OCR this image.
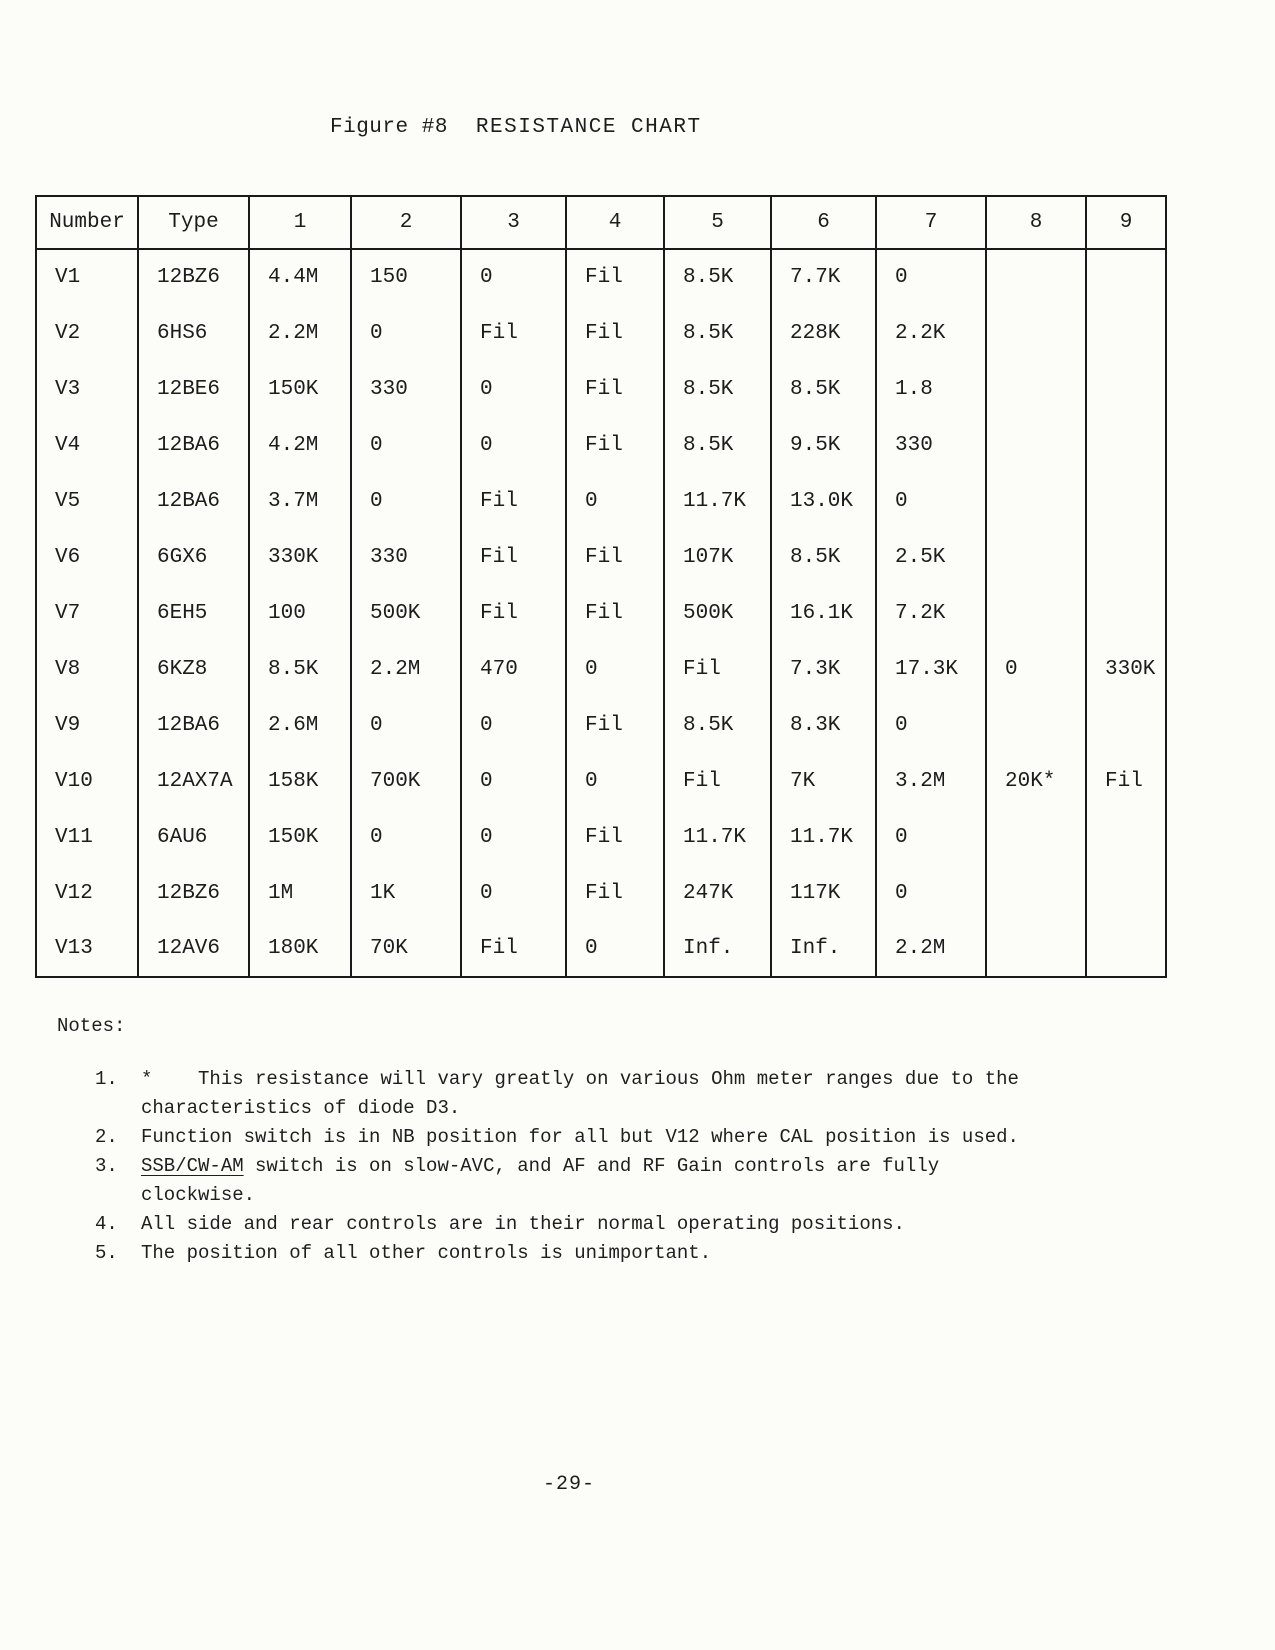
Figure #8 RESISTANCE CHART
Number	Type	1	2	3	4	5	6	7	8	9
V1	12BZ6	4.4M	150	0	Fil	8.5K	7.7K	0		
V2	6HS6	2.2M	0	Fil	Fil	8.5K	228K	2.2K		
V3	12BE6	150K	330	0	Fil	8.5K	8.5K	1.8		
V4	12BA6	4.2M	0	0	Fil	8.5K	9.5K	330		
V5	12BA6	3.7M	0	Fil	0	11.7K	13.0K	0		
V6	6GX6	330K	330	Fil	Fil	107K	8.5K	2.5K		
V7	6EH5	100	500K	Fil	Fil	500K	16.1K	7.2K		
V8	6KZ8	8.5K	2.2M	470	0	Fil	7.3K	17.3K	0	330K
V9	12BA6	2.6M	0	0	Fil	8.5K	8.3K	0		
V10	12AX7A	158K	700K	0	0	Fil	7K	3.2M	20K*	Fil
V11	6AU6	150K	0	0	Fil	11.7K	11.7K	0		
V12	12BZ6	1M	1K	0	Fil	247K	117K	0		
V13	12AV6	180K	70K	Fil	0	Inf.	Inf.	2.2M		
Notes:
1.	*    This resistance will vary greatly on various Ohm meter ranges due to the characteristics of diode D3.
2.	Function switch is in NB position for all but V12 where CAL position is used.
3.	SSB/CW-AM switch is on slow-AVC, and AF and RF Gain controls are fully clockwise.
4.	All side and rear controls are in their normal operating positions.
5.	The position of all other controls is unimportant.
-29-
